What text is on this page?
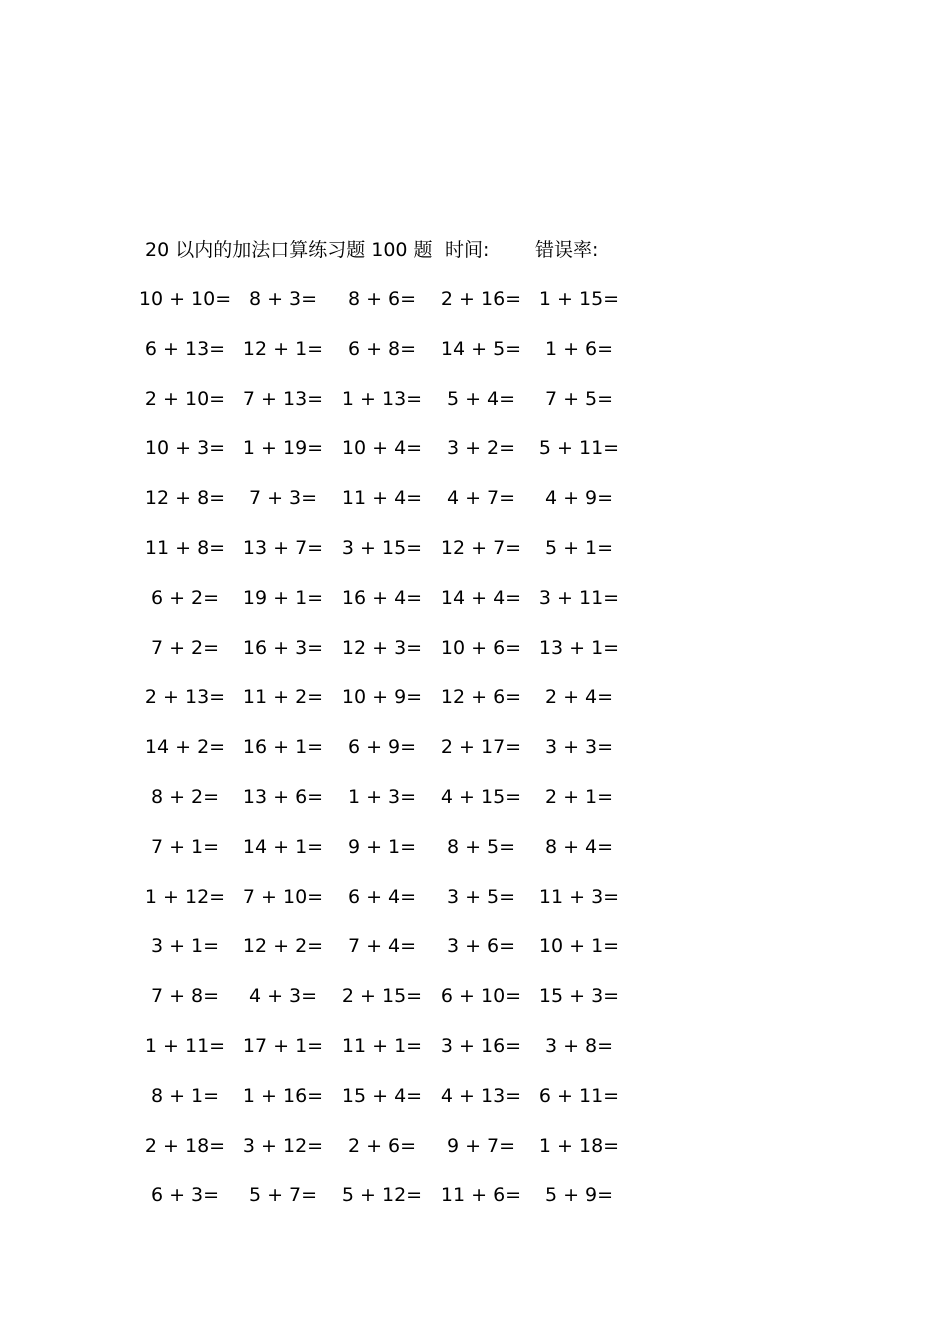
20 以内的加法口算练习题 100 题 时间: 错误率:
10 + 10= 8 + 3=	8 + 6=	2 + 16= 1 + 15=
6 + 13= 12 + 1=	6 + 8=	14 + 5=	1 + 6=
2 + 10= 7 + 13= 1 + 13=	5 + 4=	7 + 5=
10 + 3= 1 + 19= 10 + 4=	3 + 2=	5 + 11=
12 + 8=	7 + 3=	11 + 4=	4 + 7=	4 + 9=
11 + 8= 13 + 7= 3 + 15= 12 + 7=	5 + 1=
6 + 2=	19 + 1= 16 + 4= 14 + 4= 3 + 11=
7 + 2=	16 + 3= 12 + 3= 10 + 6= 13 + 1=
2 + 13= 11 + 2= 10 + 9= 12 + 6=	2 + 4=
14 + 2= 16 + 1=	6 + 9=	2 + 17=	3 + 3=
8 + 2=	13 + 6=	1 + 3=	4 + 15=	2 + 1=
7 + 1=	14 + 1=	9 + 1=	8 + 5=	8 + 4=
1 + 12= 7 + 10=	6 + 4=	3 + 5=	11 + 3=
3 + 1=	12 + 2=	7 + 4=	3 + 6=	10 + 1=
7 + 8=	4 + 3=	2 + 15= 6 + 10= 15 + 3=
1 + 11= 17 + 1= 11 + 1= 3 + 16=	3 + 8=
8 + 1=	1 + 16= 15 + 4= 4 + 13= 6 + 11=
2 + 18= 3 + 12=	2 + 6=	9 + 7=	1 + 18=
6 + 3=	5 + 7=	5 + 12= 11 + 6=	5 + 9=
